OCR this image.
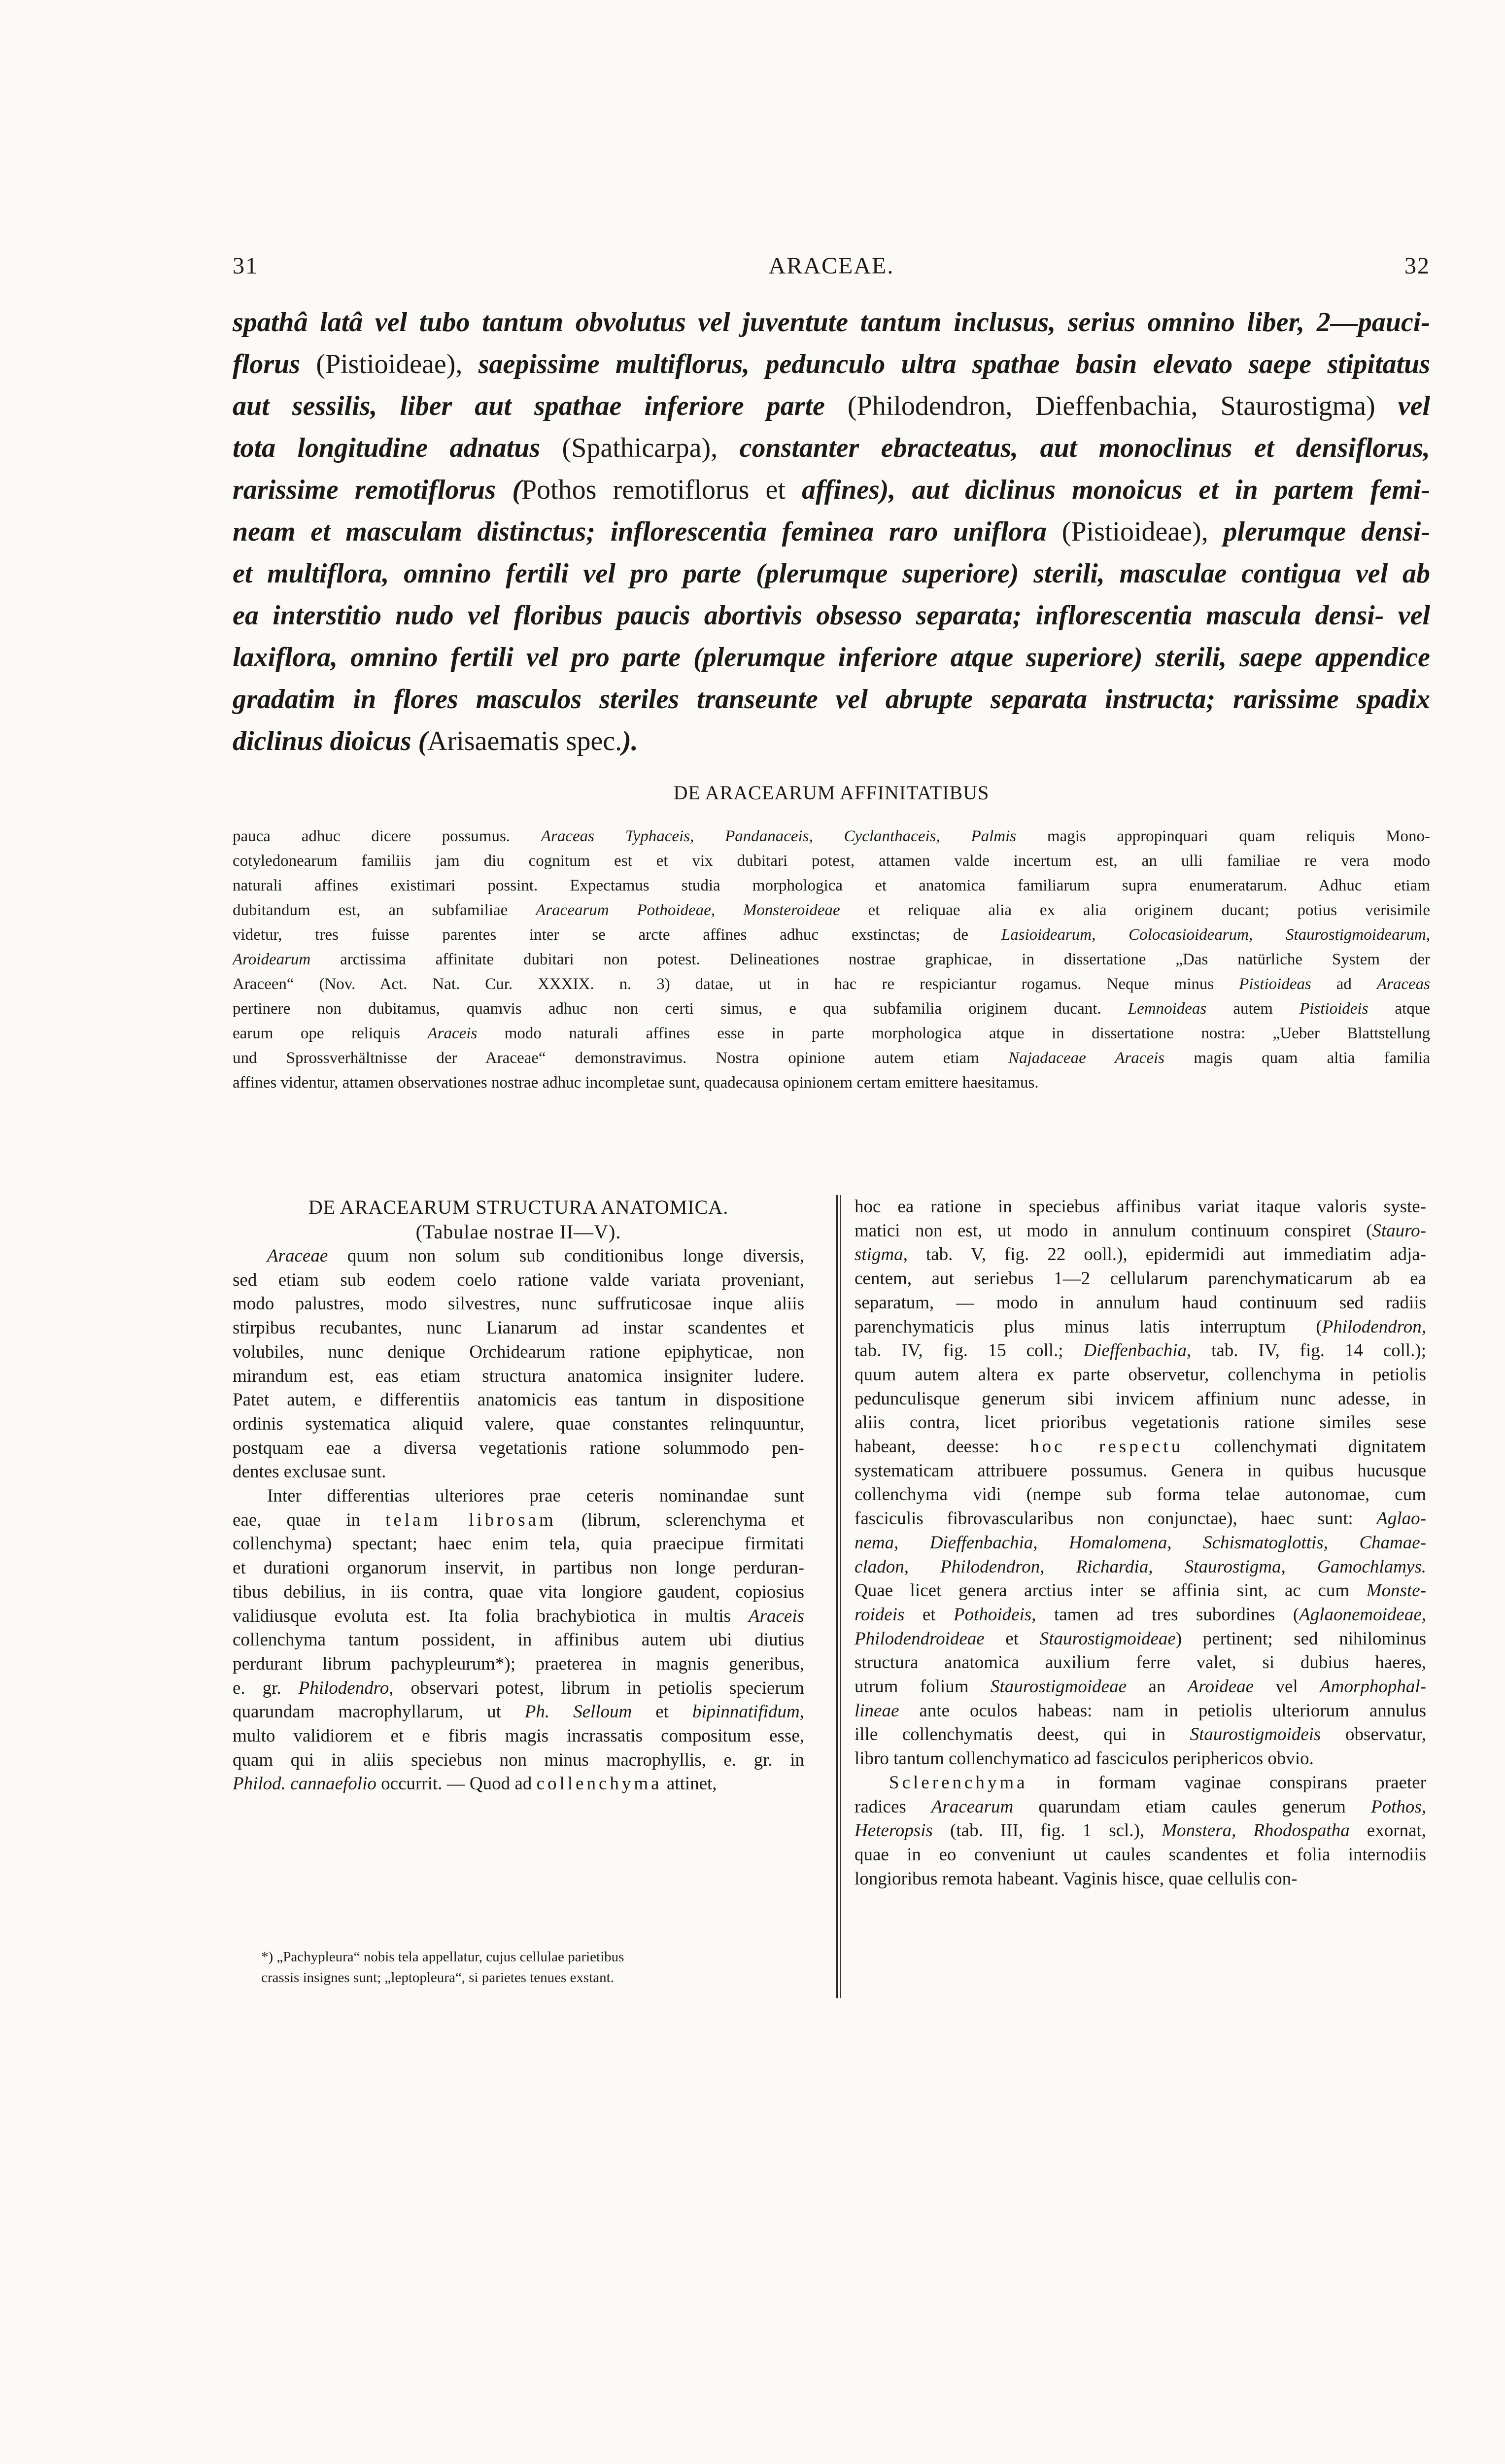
31	ARACEAE.	32
spathâ latâ vel tubo tantum obvolutus vel juventute tantum inclusus, serius omnino liber, 2—pauci-
florus (Pistioideae), saepissime multiflorus, pedunculo ultra spathae basin elevato saepe stipitatus
aut sessilis, liber aut spathae inferiore parte (Philodendron, Dieffenbachia, Staurostigma) vel
tota longitudine adnatus (Spathicarpa), constanter ebracteatus, aut monoclinus et densiflorus,
rarissime remotiflorus (Pothos remotiflorus et affines), aut diclinus monoicus et in partem femi-
neam et masculam distinctus; inflorescentia feminea raro uniflora (Pistioideae), plerumque densi-
et multiflora, omnino fertili vel pro parte (plerumque superiore) sterili, masculae contigua vel ab
ea interstitio nudo vel floribus paucis abortivis obsesso separata; inflorescentia mascula densi- vel
laxiflora, omnino fertili vel pro parte (plerumque inferiore atque superiore) sterili, saepe appendice
gradatim in flores masculos steriles transeunte vel abrupte separata instructa; rarissime spadix
diclinus dioicus (Arisaematis spec.).
DE ARACEARUM AFFINITATIBUS
pauca adhuc dicere possumus. Araceas Typhaceis, Pandanaceis, Cyclanthaceis, Palmis magis appropinquari quam reliquis Mono-
cotyledonearum familiis jam diu cognitum est et vix dubitari potest, attamen valde incertum est, an ulli familiae re vera modo
naturali affines existimari possint. Expectamus studia morphologica et anatomica familiarum supra enumeratarum. Adhuc etiam
dubitandum est, an subfamiliae Aracearum Pothoideae, Monsteroideae et reliquae alia ex alia originem ducant; potius verisimile
videtur, tres fuisse parentes inter se arcte affines adhuc exstinctas; de Lasioidearum, Colocasioidearum, Staurostigmoidearum,
Aroidearum arctissima affinitate dubitari non potest. Delineationes nostrae graphicae, in dissertatione „Das natürliche System der
Araceen“ (Nov. Act. Nat. Cur. XXXIX. n. 3) datae, ut in hac re respiciantur rogamus. Neque minus Pistioideas ad Araceas
pertinere non dubitamus, quamvis adhuc non certi simus, e qua subfamilia originem ducant. Lemnoideas autem Pistioideis atque
earum ope reliquis Araceis modo naturali affines esse in parte morphologica atque in dissertatione nostra: „Ueber Blattstellung
und Sprossverhältnisse der Araceae“ demonstravimus. Nostra opinione autem etiam Najadaceae Araceis magis quam altia familia
affines videntur, attamen observationes nostrae adhuc incompletae sunt, quadecausa opinionem certam emittere haesitamus.
DE ARACEARUM STRUCTURA ANATOMICA.
(Tabulae nostrae II—V).
Araceae quum non solum sub conditionibus longe diversis,
sed etiam sub eodem coelo ratione valde variata proveniant,
modo palustres, modo silvestres, nunc suffruticosae inque aliis
stirpibus recubantes, nunc Lianarum ad instar scandentes et
volubiles, nunc denique Orchidearum ratione epiphyticae, non
mirandum est, eas etiam structura anatomica insigniter ludere.
Patet autem, e differentiis anatomicis eas tantum in dispositione
ordinis systematica aliquid valere, quae constantes relinquuntur,
postquam eae a diversa vegetationis ratione solummodo pen-
dentes exclusae sunt.
Inter differentias ulteriores prae ceteris nominandae sunt
eae, quae in telam librosam (librum, sclerenchyma et
collenchyma) spectant; haec enim tela, quia praecipue firmitati
et durationi organorum inservit, in partibus non longe perduran-
tibus debilius, in iis contra, quae vita longiore gaudent, copiosius
validiusque evoluta est. Ita folia brachybiotica in multis Araceis
collenchyma tantum possident, in affinibus autem ubi diutius
perdurant librum pachypleurum*); praeterea in magnis generibus,
e. gr. Philodendro, observari potest, librum in petiolis specierum
quarundam macrophyllarum, ut Ph. Selloum et bipinnatifidum,
multo validiorem et e fibris magis incrassatis compositum esse,
quam qui in aliis speciebus non minus macrophyllis, e. gr. in
Philod. cannaefolio occurrit. — Quod ad collenchyma attinet,
hoc ea ratione in speciebus affinibus variat itaque valoris syste-
matici non est, ut modo in annulum continuum conspiret (Stauro-
stigma, tab. V, fig. 22 ooll.), epidermidi aut immediatim adja-
centem, aut seriebus 1—2 cellularum parenchymaticarum ab ea
separatum, — modo in annulum haud continuum sed radiis
parenchymaticis plus minus latis interruptum (Philodendron,
tab. IV, fig. 15 coll.; Dieffenbachia, tab. IV, fig. 14 coll.);
quum autem altera ex parte observetur, collenchyma in petiolis
pedunculisque generum sibi invicem affinium nunc adesse, in
aliis contra, licet prioribus vegetationis ratione similes sese
habeant, deesse: hoc respectu collenchymati dignitatem
systematicam attribuere possumus. Genera in quibus hucusque
collenchyma vidi (nempe sub forma telae autonomae, cum
fasciculis fibrovascularibus non conjunctae), haec sunt: Aglao-
nema, Dieffenbachia, Homalomena, Schismatoglottis, Chamae-
cladon, Philodendron, Richardia, Staurostigma, Gamochlamys.
Quae licet genera arctius inter se affinia sint, ac cum Monste-
roideis et Pothoideis, tamen ad tres subordines (Aglaonemoideae,
Philodendroideae et Staurostigmoideae) pertinent; sed nihilominus
structura anatomica auxilium ferre valet, si dubius haeres,
utrum folium Staurostigmoideae an Aroideae vel Amorphophal-
lineae ante oculos habeas: nam in petiolis ulteriorum annulus
ille collenchymatis deest, qui in Staurostigmoideis observatur,
libro tantum collenchymatico ad fasciculos periphericos obvio.
Sclerenchyma in formam vaginae conspirans praeter
radices Aracearum quarundam etiam caules generum Pothos,
Heteropsis (tab. III, fig. 1 scl.), Monstera, Rhodospatha exornat,
quae in eo conveniunt ut caules scandentes et folia internodiis
longioribus remota habeant. Vaginis hisce, quae cellulis con-
*) „Pachypleura“ nobis tela appellatur, cujus cellulae parietibus
crassis insignes sunt; „leptopleura“, si parietes tenues exstant.
